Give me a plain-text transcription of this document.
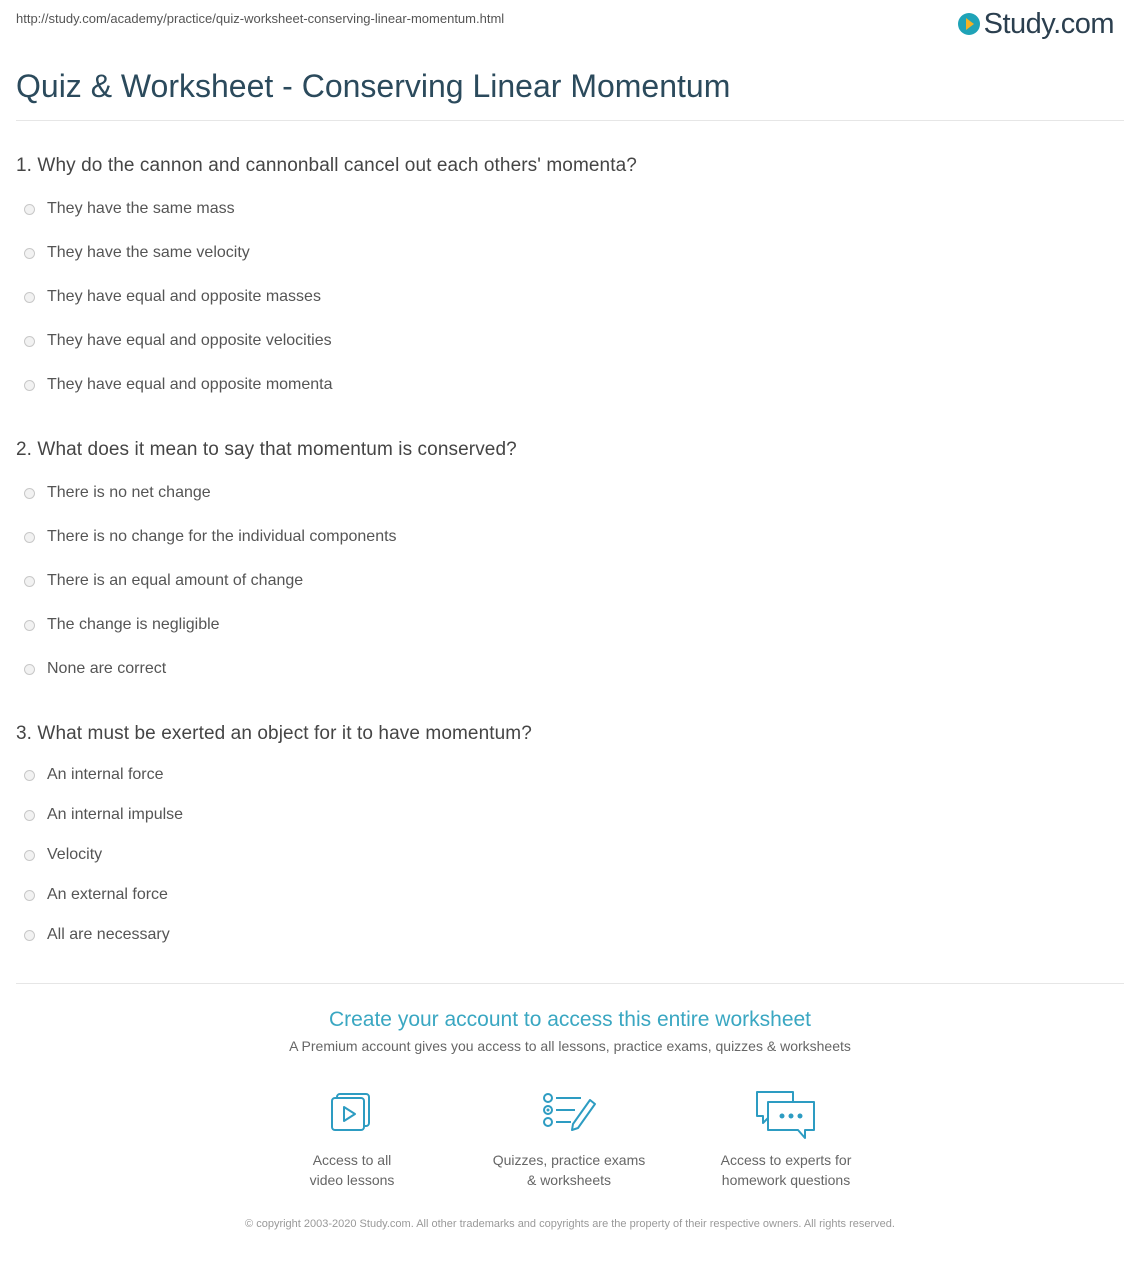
http://study.com/academy/practice/quiz-worksheet-conserving-linear-momentum.html	Study.com
Quiz & Worksheet - Conserving Linear Momentum
1. Why do the cannon and cannonball cancel out each others' momenta?
They have the same mass
They have the same velocity
They have equal and opposite masses
They have equal and opposite velocities
They have equal and opposite momenta
2. What does it mean to say that momentum is conserved?
There is no net change
There is no change for the individual components
There is an equal amount of change
The change is negligible
None are correct
3. What must be exerted an object for it to have momentum?
An internal force
An internal impulse
Velocity
An external force
All are necessary
Create your account to access this entire worksheet
A Premium account gives you access to all lessons, practice exams, quizzes & worksheets
Access to all
video lessons
Quizzes, practice exams
& worksheets
Access to experts for
homework questions
© copyright 2003-2020 Study.com. All other trademarks and copyrights are the property of their respective owners. All rights reserved.
